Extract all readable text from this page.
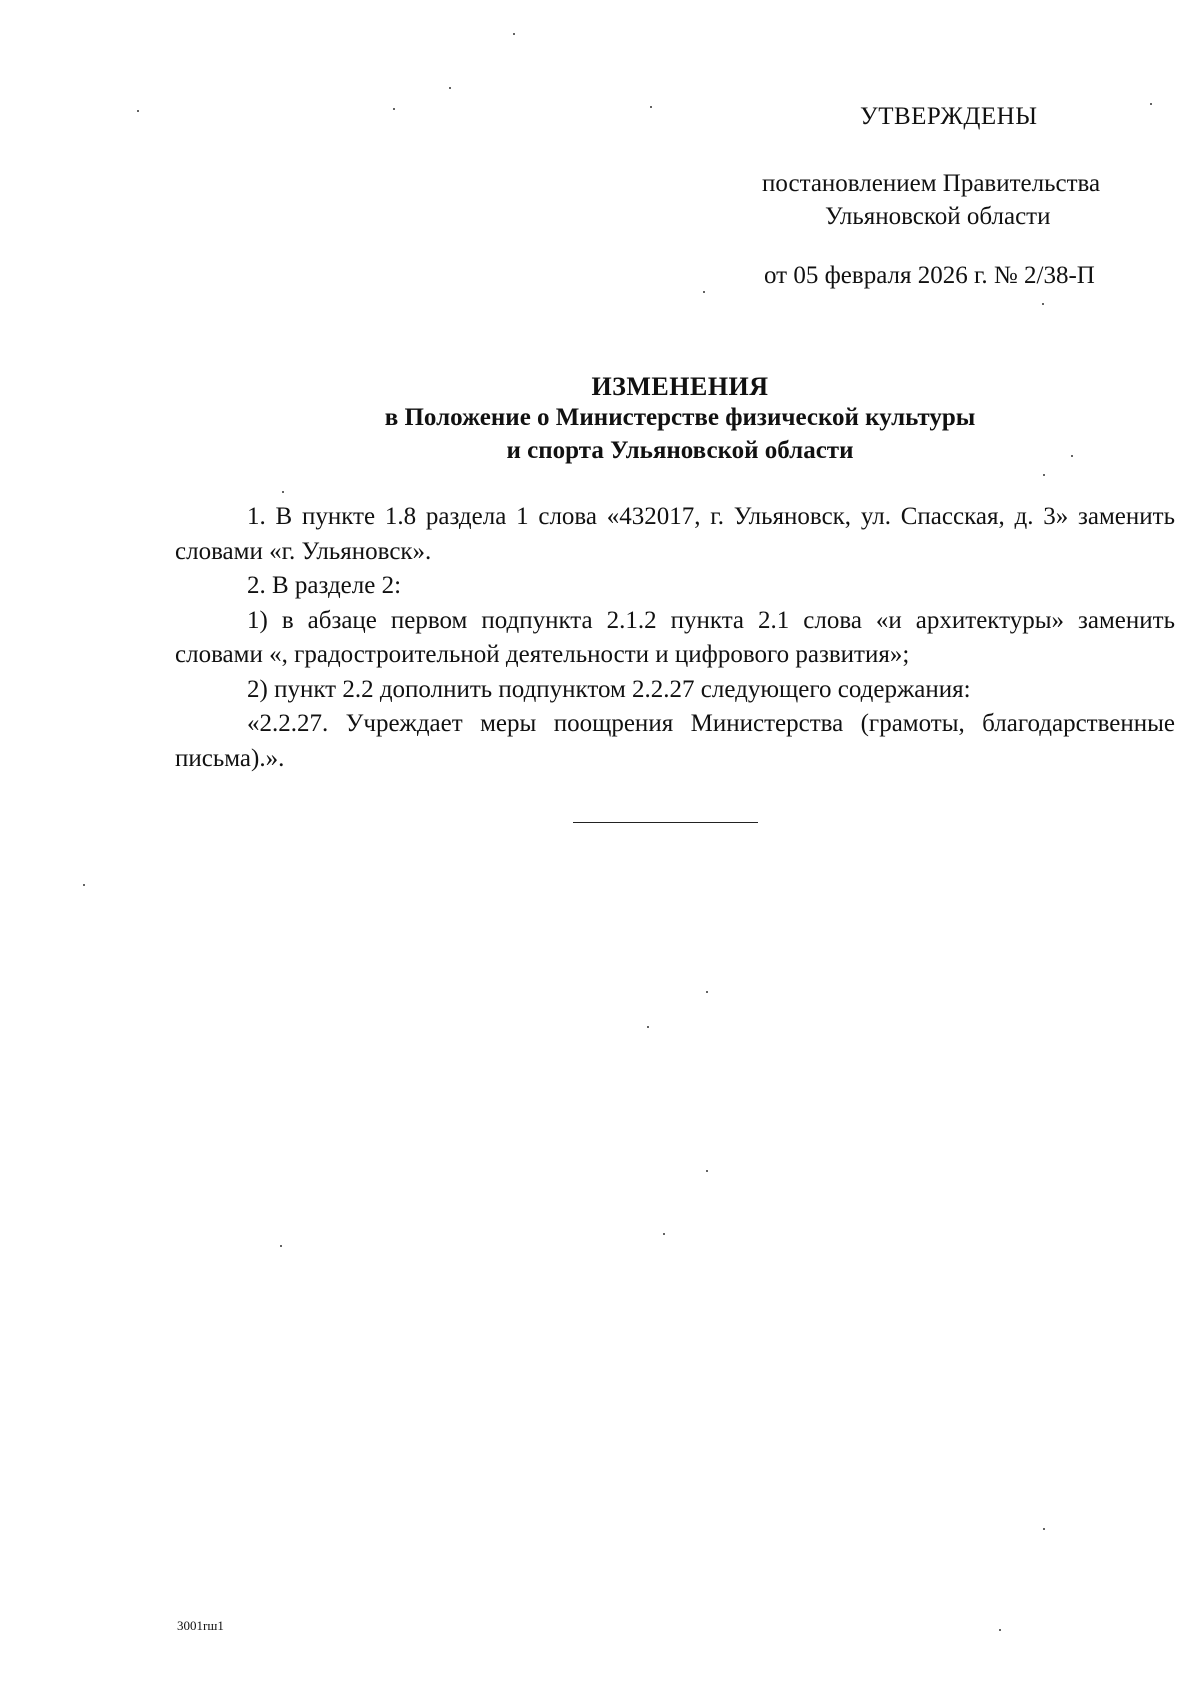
УТВЕРЖДЕНЫ
постановлением Правительства
Ульяновской области
от 05 февраля 2026 г. № 2/38-П
ИЗМЕНЕНИЯ
в Положение о Министерстве физической культуры
и спорта Ульяновской области

1. В пункте 1.8 раздела 1 слова «432017, г. Ульяновск, ул. Спасская, д. 3» заменить словами «г. Ульяновск».

2. В разделе 2:

1) в абзаце первом подпункта 2.1.2 пункта 2.1 слова «и архитектуры» заменить словами «, градостроительной деятельности и цифрового развития»;

2) пункт 2.2 дополнить подпунктом 2.2.27 следующего содержания:

«2.2.27. Учреждает меры поощрения Министерства (грамоты, благодарственные письма).».

3001rш1
